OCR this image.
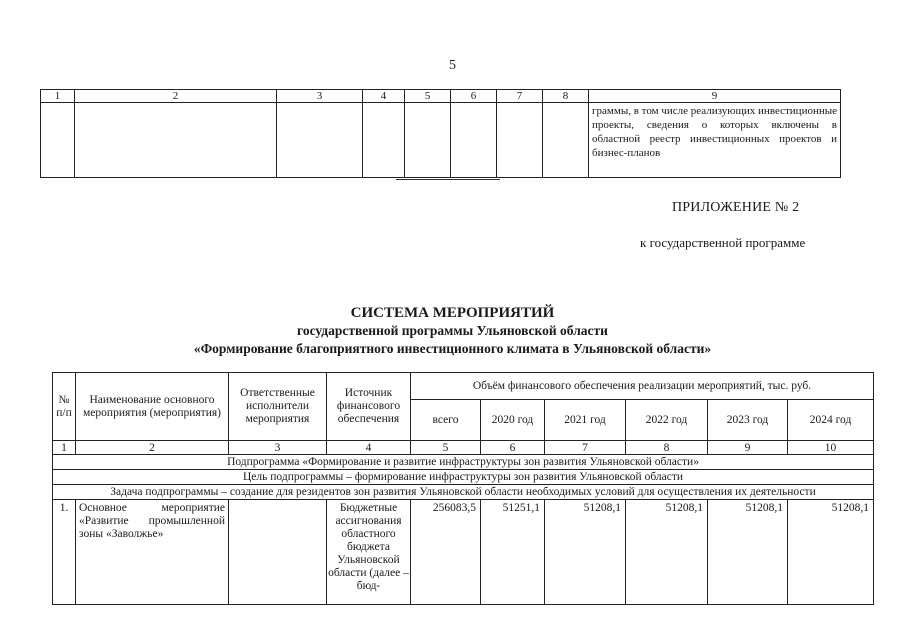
5
1	2	3	4	5	6	7	8	9
								граммы, в том числе реализующих инвестиционные проекты, сведения о которых включены в областной реестр инвестиционных проектов и бизнес-планов
ПРИЛОЖЕНИЕ № 2
к государственной программе
СИСТЕМА МЕРОПРИЯТИЙ
государственной программы Ульяновской области
«Формирование благоприятного инвестиционного климата в Ульяновской области»
№ п/п	Наименование основного мероприятия (мероприятия)	Ответственные исполнители мероприятия	Источник финансового обеспечения	Объём финансового обеспечения реализации мероприятий, тыс. руб.					
				всего	2020 год	2021 год	2022 год	2023 год	2024 год
1	2	3	4	5	6	7	8	9	10
Подпрограмма «Формирование и развитие инфраструктуры зон развития Ульяновской области»									
Цель подпрограммы – формирование инфраструктуры зон развития Ульяновской области									
Задача подпрограммы – создание для резидентов зон развития Ульяновской области необходимых условий для осуществления их деятельности									
1.	Основное мероприятие «Развитие промышленной зоны «Заволжье»		Бюджетные ассигнования областного бюджета Ульяновской области (далее – бюд-	256083,5	51251,1	51208,1	51208,1	51208,1	51208,1
